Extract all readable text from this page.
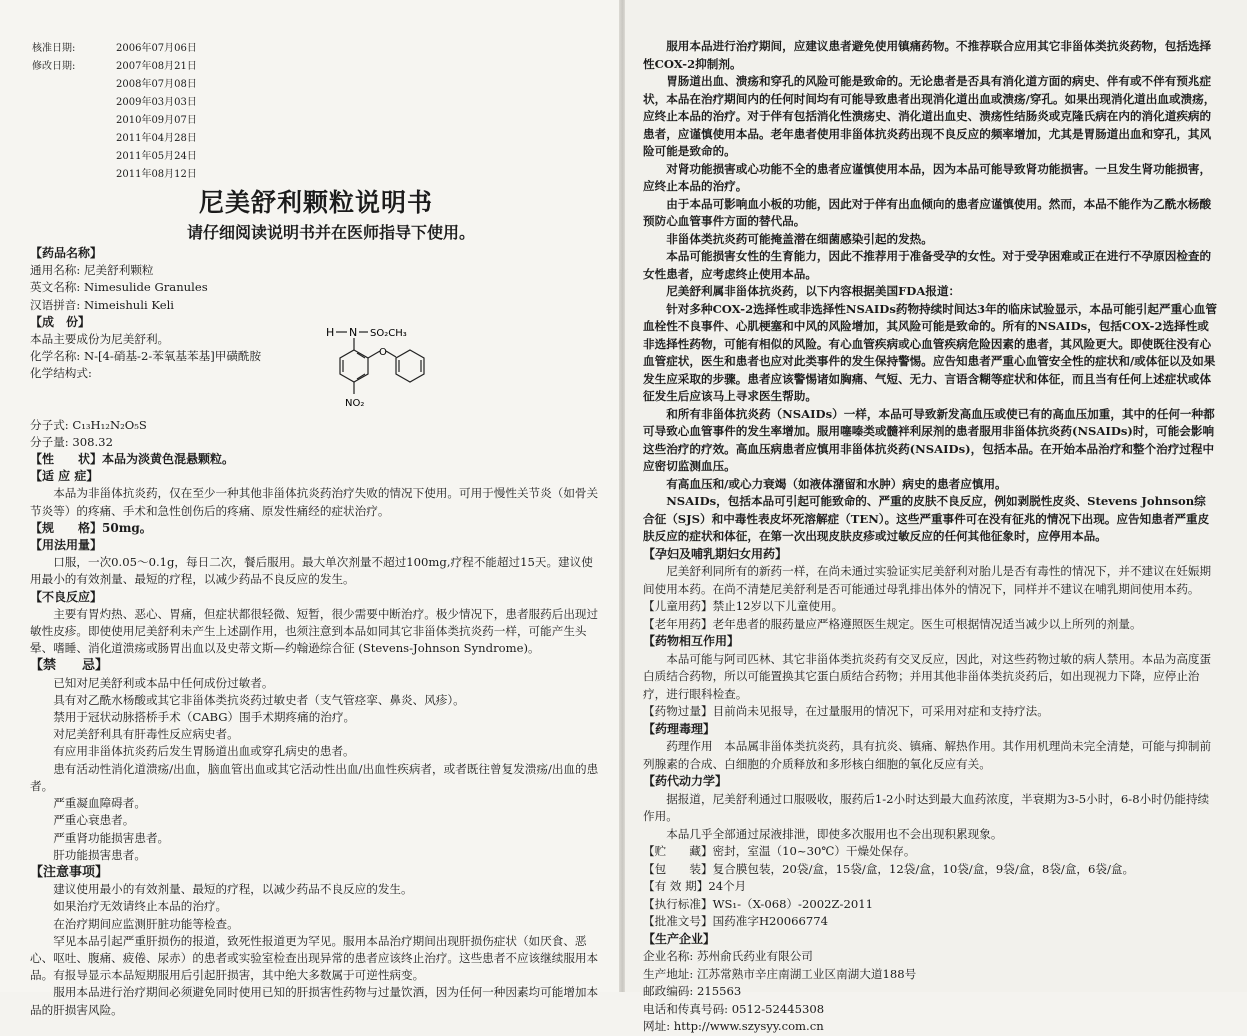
核准日期:	2006年07月06日
修改日期:	2007年08月21日
2008年07月08日
2009年03月03日
2010年09月07日
2011年04月28日
2011年05月24日
2011年08月12日
尼美舒利颗粒说明书
请仔细阅读说明书并在医师指导下使用。
【药品名称】
通用名称: 尼美舒利颗粒
英文名称: Nimesulide Granules
汉语拼音: Nimeishuli Keli
【成　份】
本品主要成份为尼美舒利。
化学名称: N-[4-硝基-2-苯氧基苯基]甲磺酰胺
化学结构式:
分子式: C₁₃H₁₂N₂O₅S
分子量: 308.32
【性　　状】本品为淡黄色混悬颗粒。
【适 应 症】

本品为非甾体抗炎药，仅在至少一种其他非甾体抗炎药治疗失败的情况下使用。可用于慢性关节炎（如骨关节炎等）的疼痛、手术和急性创伤后的疼痛、原发性痛经的症状治疗。

【规　　格】50mg。
【用法用量】

口服，一次0.05～0.1g，每日二次，餐后服用。最大单次剂量不超过100mg,疗程不能超过15天。建议使用最小的有效剂量、最短的疗程，以减少药品不良反应的发生。

【不良反应】

主要有胃灼热、恶心、胃痛，但症状都很轻微、短暂，很少需要中断治疗。极少情况下，患者服药后出现过敏性皮疹。即使使用尼美舒利未产生上述副作用，也须注意到本品如同其它非甾体类抗炎药一样，可能产生头晕、嗜睡、消化道溃疡或肠胃出血以及史蒂文斯—约翰逊综合征 (Stevens-Johnson Syndrome)。

【禁　　忌】
已知对尼美舒利或本品中任何成份过敏者。
具有对乙酰水杨酸或其它非甾体类抗炎药过敏史者（支气管痉挛、鼻炎、风疹）。
禁用于冠状动脉搭桥手术（CABG）围手术期疼痛的治疗。
对尼美舒利具有肝毒性反应病史者。
有应用非甾体抗炎药后发生胃肠道出血或穿孔病史的患者。

患有活动性消化道溃疡/出血，脑血管出血或其它活动性出血/出血性疾病者，或者既往曾复发溃疡/出血的患者。

严重凝血障碍者。
严重心衰患者。
严重肾功能损害患者。
肝功能损害患者。
【注意事项】
建议使用最小的有效剂量、最短的疗程，以减少药品不良反应的发生。
如果治疗无效请终止本品的治疗。
在治疗期间应监测肝脏功能等检查。

罕见本品引起严重肝损伤的报道，致死性报道更为罕见。服用本品治疗期间出现肝损伤症状（如厌食、恶心、呕吐、腹痛、疲倦、尿赤）的患者或实验室检查出现异常的患者应该终止治疗。这些患者不应该继续服用本品。有报导显示本品短期服用后引起肝损害，其中绝大多数属于可逆性病变。

服用本品进行治疗期间必须避免同时使用已知的肝损害性药物与过量饮酒，因为任何一种因素均可能增加本品的肝损害风险。

H N SO₂CH₃
O
NO₂

服用本品进行治疗期间，应建议患者避免使用镇痛药物。不推荐联合应用其它非甾体类抗炎药物，包括选择性COX-2抑制剂。

胃肠道出血、溃疡和穿孔的风险可能是致命的。无论患者是否具有消化道方面的病史、伴有或不伴有预兆症状，本品在治疗期间内的任何时间均有可能导致患者出现消化道出血或溃疡/穿孔。如果出现消化道出血或溃疡，应终止本品的治疗。对于伴有包括消化性溃疡史、消化道出血史、溃疡性结肠炎或克隆氏病在内的消化道疾病的患者，应谨慎使用本品。老年患者使用非甾体抗炎药出现不良反应的频率增加，尤其是胃肠道出血和穿孔，其风险可能是致命的。

对肾功能损害或心功能不全的患者应谨慎使用本品，因为本品可能导致肾功能损害。一旦发生肾功能损害，应终止本品的治疗。

由于本品可影响血小板的功能，因此对于伴有出血倾向的患者应谨慎使用。然而，本品不能作为乙酰水杨酸预防心血管事件方面的替代品。

非甾体类抗炎药可能掩盖潜在细菌感染引起的发热。

本品可能损害女性的生育能力，因此不推荐用于准备受孕的女性。对于受孕困难或正在进行不孕原因检查的女性患者，应考虑终止使用本品。

尼美舒利属非甾体抗炎药，以下内容根据美国FDA报道：

针对多种COX-2选择性或非选择性NSAIDs药物持续时间达3年的临床试验显示，本品可能引起严重心血管血栓性不良事件、心肌梗塞和中风的风险增加，其风险可能是致命的。所有的NSAIDs，包括COX-2选择性或非选择性药物，可能有相似的风险。有心血管疾病或心血管疾病危险因素的患者，其风险更大。即使既往没有心血管症状，医生和患者也应对此类事件的发生保持警惕。应告知患者严重心血管安全性的症状和/或体征以及如果发生应采取的步骤。患者应该警惕诸如胸痛、气短、无力、言语含糊等症状和体征，而且当有任何上述症状或体征发生后应该马上寻求医生帮助。

和所有非甾体抗炎药（NSAIDs）一样，本品可导致新发高血压或使已有的高血压加重，其中的任何一种都可导致心血管事件的发生率增加。服用噻嗪类或髓袢利尿剂的患者服用非甾体抗炎药(NSAIDs)时，可能会影响这些治疗的疗效。高血压病患者应慎用非甾体抗炎药(NSAIDs)，包括本品。在开始本品治疗和整个治疗过程中应密切监测血压。

有高血压和/或心力衰竭（如液体潴留和水肿）病史的患者应慎用。

NSAIDs，包括本品可引起可能致命的、严重的皮肤不良反应，例如剥脱性皮炎、Stevens Johnson综合征（SJS）和中毒性表皮坏死溶解症（TEN）。这些严重事件可在没有征兆的情况下出现。应告知患者严重皮肤反应的症状和体征，在第一次出现皮肤皮疹或过敏反应的任何其他征象时，应停用本品。

【孕妇及哺乳期妇女用药】

尼美舒利同所有的新药一样，在尚未通过实验证实尼美舒利对胎儿是否有毒性的情况下，并不建议在妊娠期间使用本药。在尚不清楚尼美舒利是否可能通过母乳排出体外的情况下，同样并不建议在哺乳期间使用本药。

【儿童用药】禁止12岁以下儿童使用。
【老年用药】老年患者的服药量应严格遵照医生规定。医生可根据情况适当减少以上所列的剂量。
【药物相互作用】

本品可能与阿司匹林、其它非甾体类抗炎药有交叉反应，因此，对这些药物过敏的病人禁用。本品为高度蛋白质结合药物，所以可能置换其它蛋白质结合药物；并用其他非甾体类抗炎药后，如出现视力下降，应停止治疗，进行眼科检查。

【药物过量】目前尚未见报导，在过量服用的情况下，可采用对症和支持疗法。
【药理毒理】

药理作用　本品属非甾体类抗炎药，具有抗炎、镇痛、解热作用。其作用机理尚未完全清楚，可能与抑制前列腺素的合成、白细胞的介质释放和多形核白细胞的氧化反应有关。

【药代动力学】

据报道，尼美舒利通过口服吸收，服药后1-2小时达到最大血药浓度，半衰期为3-5小时，6-8小时仍能持续作用。

本品几乎全部通过尿液排泄，即使多次服用也不会出现积累现象。

【贮　　藏】密封，室温（10~30℃）干燥处保存。
【包　　装】复合膜包装，20袋/盒，15袋/盒，12袋/盒，10袋/盒，9袋/盒，8袋/盒，6袋/盒。
【有 效 期】24个月
【执行标准】WS₁-（X-068）-2002Z-2011
【批准文号】国药准字H20066774
【生产企业】
企业名称: 苏州俞氏药业有限公司
生产地址: 江苏常熟市辛庄南湖工业区南湖大道188号
邮政编码: 215563
电话和传真号码: 0512-52445308
网址: http://www.szysyy.com.cn
